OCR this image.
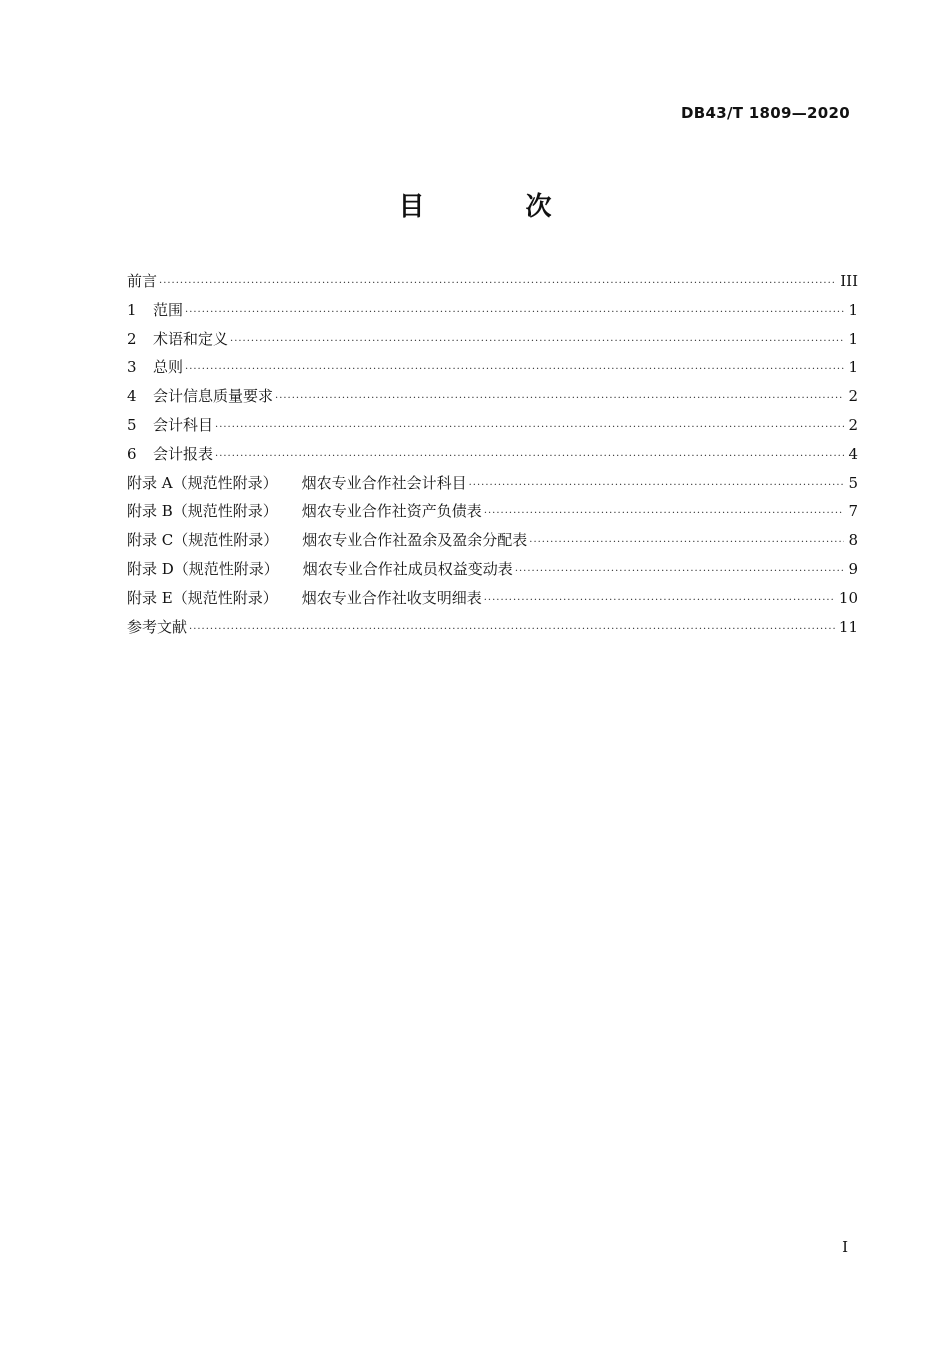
DB43/T 1809—2020
目 次
前言 ·····	III
1	范围 ·····	1
2	术语和定义 ·····	1
3	总则 ·····	1
4	会计信息质量要求 ·····	2
5	会计科目 ·····	2
6	会计报表 ·····	4
附录 A（规范性附录） 烟农专业合作社会计科目 ·····	5
附录 B（规范性附录） 烟农专业合作社资产负债表 ·····	7
附录 C（规范性附录） 烟农专业合作社盈余及盈余分配表 ·····	8
附录 D（规范性附录） 烟农专业合作社成员权益变动表 ·····	9
附录 E（规范性附录） 烟农专业合作社收支明细表 ·····	10
参考文献 ·····	11
I
